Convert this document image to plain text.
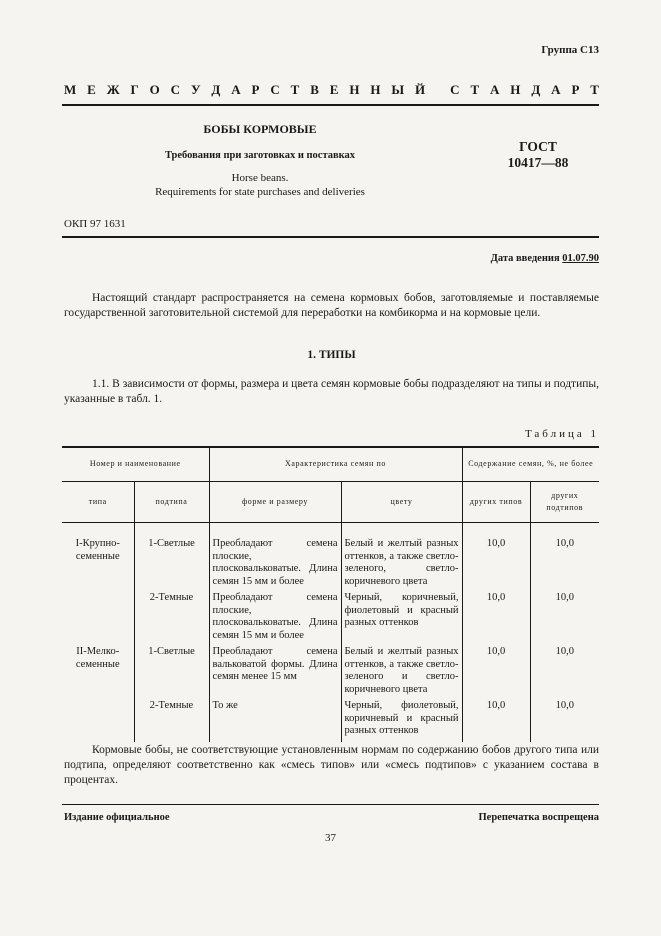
Группа С13
М Е Ж Г О С У Д А Р С Т В Е Н Н Ы Й
С Т А Н Д А Р Т
БОБЫ КОРМОВЫЕ
Требования при заготовках и поставках
Horse beans.
Requirements for state purchases and deliveries
ГОСТ
10417—88
ОКП 97 1631
Дата введения 01.07.90
Настоящий стандарт распространяется на семена кормовых бобов, заготовляемые и поставляемые государственной заготовительной системой для переработки на комбикорма и на кормовые цели.
1. ТИПЫ
1.1. В зависимости от формы, размера и цвета семян кормовые бобы подразделяют на типы и подтипы, указанные в табл. 1.
Таблица 1
Номер и наименование		Характеристика семян по		Содержание семян, %, не более	
типа	подтипа	форме и размеру	цвету	других типов	других подтипов
I-Крупно-семенные	1-Светлые	Преобладают семена плоские, плосковальковатые. Длина семян 15 мм и более	Белый и желтый разных оттенков, а также светло-зеленого, светло-коричневого цвета	10,0	10,0
	2-Темные	Преобладают семена плоские, плосковальковатые. Длина семян 15 мм и более	Черный, коричневый, фиолетовый и красный разных оттенков	10,0	10,0
II-Мелко-семенные	1-Светлые	Преобладают семена вальковатой формы. Длина семян менее 15 мм	Белый и желтый разных оттенков, а также светло-зеленого и светло-коричневого цвета	10,0	10,0
	2-Темные	То же	Черный, фиолетовый, коричневый и красный разных оттенков	10,0	10,0
Кормовые бобы, не соответствующие установленным нормам по содержанию бобов другого типа или подтипа, определяют соответственно как «смесь типов» или «смесь подтипов» с указанием состава в процентах.
Издание официальное	Перепечатка воспрещена
37
